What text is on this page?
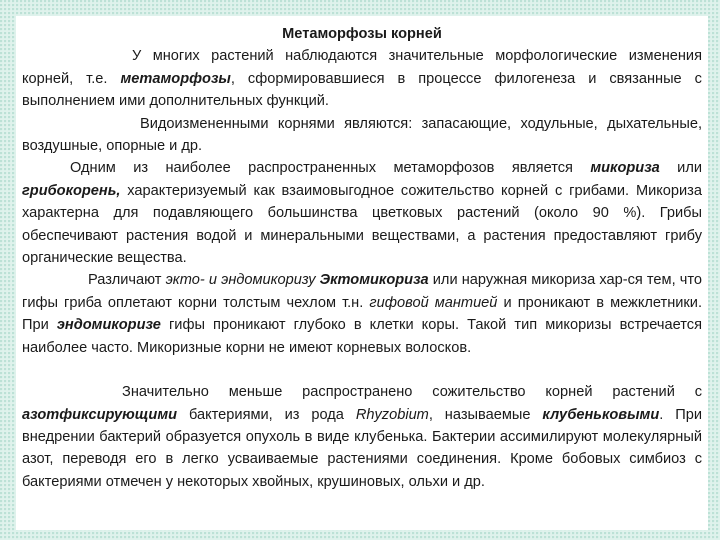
Метаморфозы корней

У многих растений наблюдаются значительные морфологические изменения корней, т.е. метаморфозы, сформировавшиеся в процессе филогенеза и связанные с выполнением ими дополнительных функций.

Видоизмененными корнями являются: запасающие, ходульные, дыхательные, воздушные, опорные и др.

Одним из наиболее распространенных метаморфозов является микориза или грибокорень, характеризуемый как взаимовыгодное сожительство корней с грибами. Микориза характерна для подавляющего большинства цветковых растений (около 90 %). Грибы обеспечивают растения водой и минеральными веществами, а растения предоставляют грибу органические вещества.

Различают экто- и эндомикоризу Эктомикориза или наружная микориза хар-ся тем, что гифы гриба оплетают корни толстым чехлом т.н. гифовой мантией и проникают в межклетники. При эндомикоризе гифы проникают глубоко в клетки коры. Такой тип микоризы встречается наиболее часто. Микоризные корни не имеют корневых волосков.

Значительно меньше распространено сожительство корней растений с азотфиксирующими бактериями, из рода Rhyzobium, называемые клубеньковыми. При внедрении бактерий образуется опухоль в виде клубенька. Бактерии ассимилируют молекулярный азот, переводя его в легко усваиваемые растениями соединения. Кроме бобовых симбиоз с бактериями отмечен у некоторых хвойных, крушиновых, ольхи и др.
